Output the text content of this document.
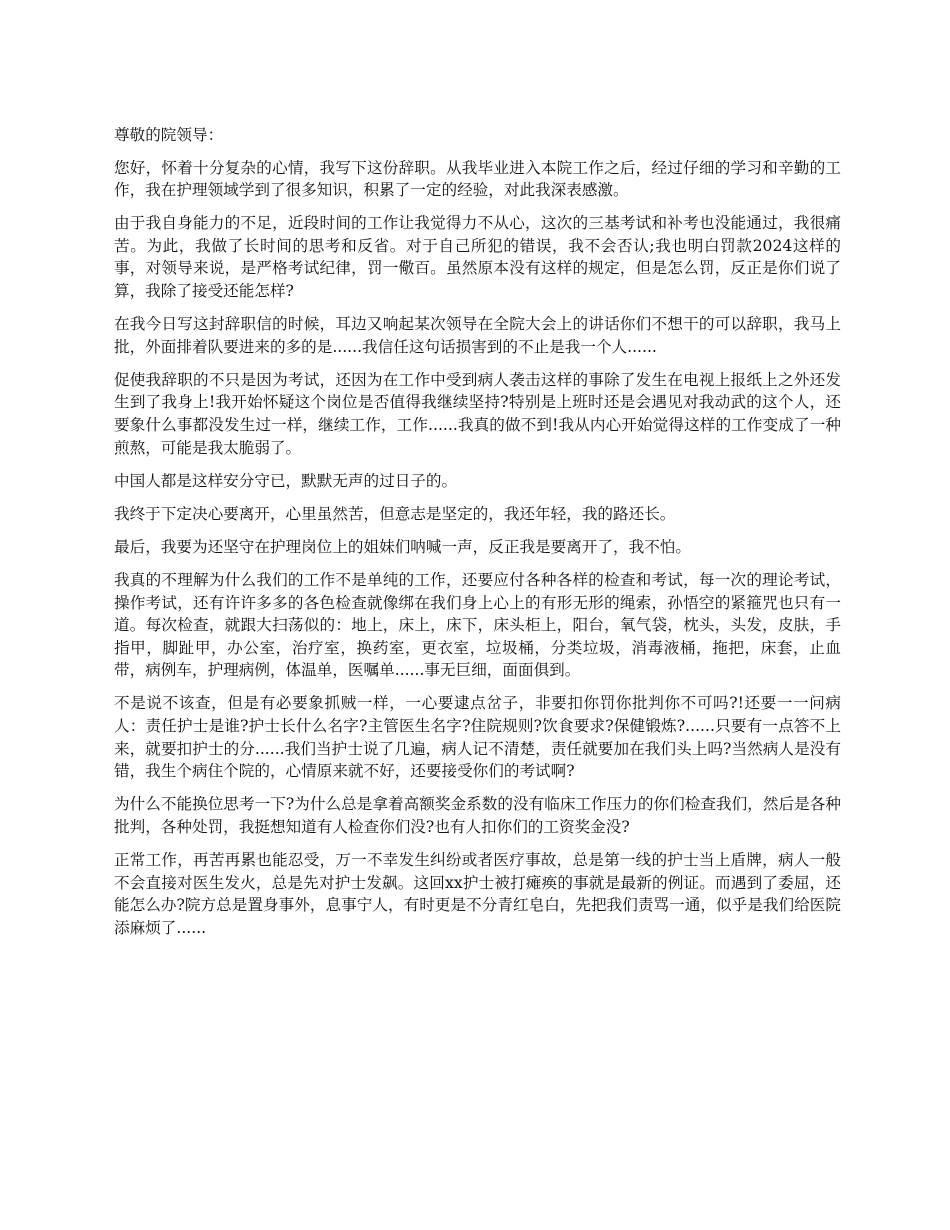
尊敬的院领导：

您好，怀着十分复杂的心情，我写下这份辞职。从我毕业进入本院工作之后，经过仔细的学习和辛勤的工作，我在护理领域学到了很多知识，积累了一定的经验，对此我深表感激。

由于我自身能力的不足，近段时间的工作让我觉得力不从心，这次的三基考试和补考也没能通过，我很痛苦。为此，我做了长时间的思考和反省。对于自己所犯的错误，我不会否认;我也明白罚款2024这样的事，对领导来说，是严格考试纪律，罚一儆百。虽然原本没有这样的规定，但是怎么罚，反正是你们说了算，我除了接受还能怎样?

在我今日写这封辞职信的时候，耳边又响起某次领导在全院大会上的讲话你们不想干的可以辞职，我马上批，外面排着队要进来的多的是......我信任这句话损害到的不止是我一个人......

促使我辞职的不只是因为考试，还因为在工作中受到病人袭击这样的事除了发生在电视上报纸上之外还发生到了我身上!我开始怀疑这个岗位是否值得我继续坚持?特别是上班时还是会遇见对我动武的这个人，还要象什么事都没发生过一样，继续工作，工作......我真的做不到!我从内心开始觉得这样的工作变成了一种煎熬，可能是我太脆弱了。

中国人都是这样安分守已，默默无声的过日子的。

我终于下定决心要离开，心里虽然苦，但意志是坚定的，我还年轻，我的路还长。

最后，我要为还坚守在护理岗位上的姐妹们呐喊一声，反正我是要离开了，我不怕。

我真的不理解为什么我们的工作不是单纯的工作，还要应付各种各样的检查和考试，每一次的理论考试，操作考试，还有许许多多的各色检查就像绑在我们身上心上的有形无形的绳索，孙悟空的紧箍咒也只有一道。每次检查，就跟大扫荡似的：地上，床上，床下，床头柜上，阳台，氧气袋，枕头，头发，皮肤，手指甲，脚趾甲，办公室，治疗室，换药室，更衣室，垃圾桶，分类垃圾，消毒液桶，拖把，床套，止血带，病例车，护理病例，体温单，医嘱单......事无巨细，面面俱到。

不是说不该查，但是有必要象抓贼一样，一心要逮点岔子，非要扣你罚你批判你不可吗?!还要一一问病人：责任护士是谁?护士长什么名字?主管医生名字?住院规则?饮食要求?保健锻炼?......只要有一点答不上来，就要扣护士的分......我们当护士说了几遍，病人记不清楚，责任就要加在我们头上吗?当然病人是没有错，我生个病住个院的，心情原来就不好，还要接受你们的考试啊?

为什么不能换位思考一下?为什么总是拿着高额奖金系数的没有临床工作压力的你们检查我们，然后是各种批判，各种处罚，我挺想知道有人检查你们没?也有人扣你们的工资奖金没?

正常工作，再苦再累也能忍受，万一不幸发生纠纷或者医疗事故，总是第一线的护士当上盾牌，病人一般不会直接对医生发火，总是先对护士发飙。这回xx护士被打瘫痪的事就是最新的例证。而遇到了委屈，还能怎么办?院方总是置身事外，息事宁人，有时更是不分青红皂白，先把我们责骂一通，似乎是我们给医院添麻烦了......
